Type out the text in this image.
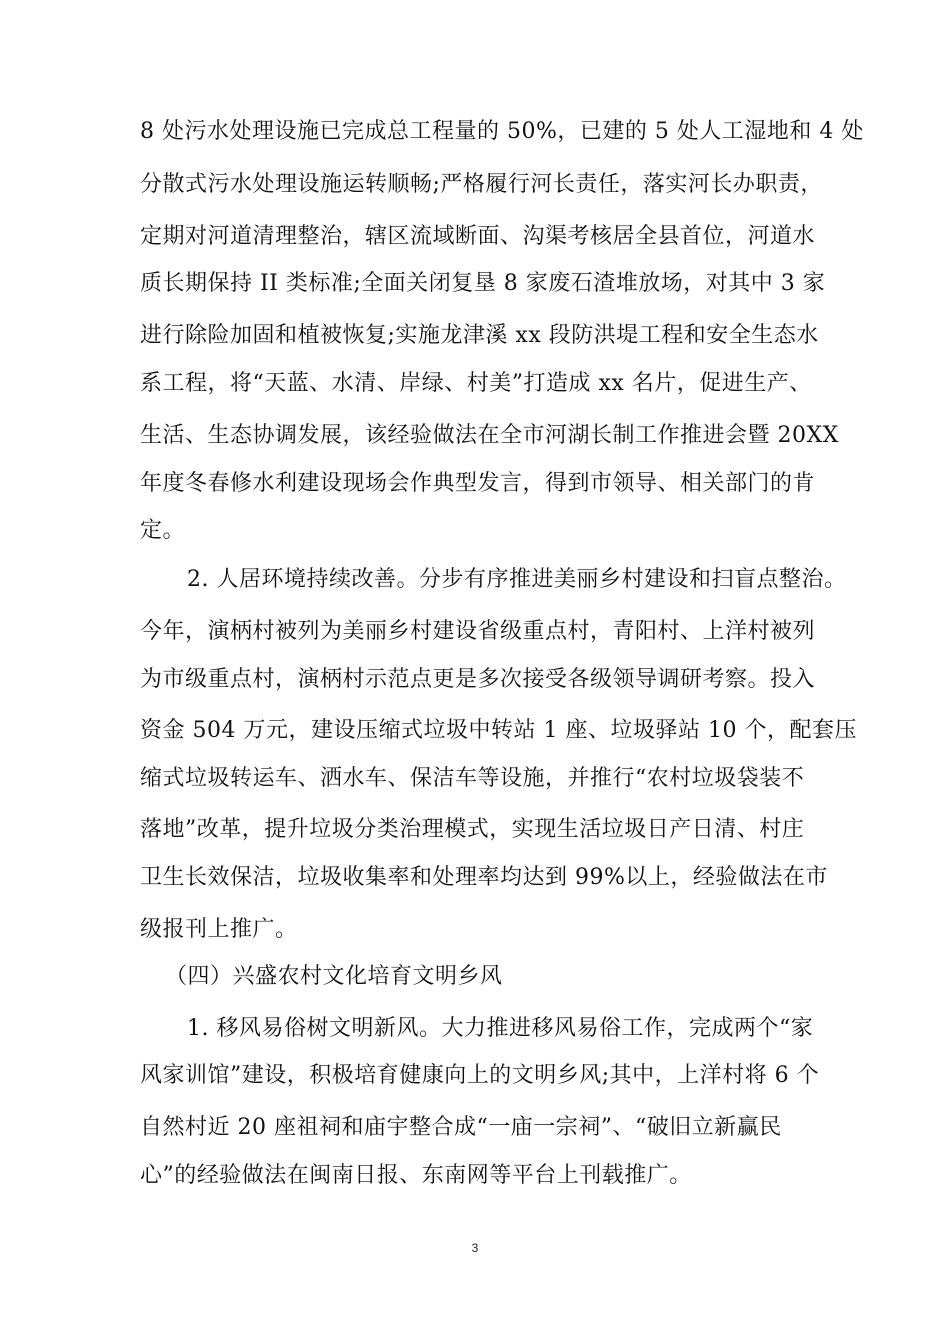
8 处污水处理设施已完成总工程量的 50%，已建的 5 处人工湿地和 4 处
分散式污水处理设施运转顺畅;严格履行河长责任，落实河长办职责，
定期对河道清理整治，辖区流域断面、沟渠考核居全县首位，河道水
质长期保持 II 类标准;全面关闭复垦 8 家废石渣堆放场，对其中 3 家
进行除险加固和植被恢复;实施龙津溪 xx 段防洪堤工程和安全生态水
系工程，将“天蓝、水清、岸绿、村美”打造成 xx 名片，促进生产、
生活、生态协调发展，该经验做法在全市河湖长制工作推进会暨 20XX
年度冬春修水利建设现场会作典型发言，得到市领导、相关部门的肯
定。
2. 人居环境持续改善。分步有序推进美丽乡村建设和扫盲点整治。
今年，演柄村被列为美丽乡村建设省级重点村，青阳村、上洋村被列
为市级重点村，演柄村示范点更是多次接受各级领导调研考察。投入
资金 504 万元，建设压缩式垃圾中转站 1 座、垃圾驿站 10 个，配套压
缩式垃圾转运车、洒水车、保洁车等设施，并推行“农村垃圾袋装不
落地”改革，提升垃圾分类治理模式，实现生活垃圾日产日清、村庄
卫生长效保洁，垃圾收集率和处理率均达到 99%以上，经验做法在市
级报刊上推广。
（四）兴盛农村文化培育文明乡风
1. 移风易俗树文明新风。大力推进移风易俗工作，完成两个“家
风家训馆”建设，积极培育健康向上的文明乡风;其中，上洋村将 6 个
自然村近 20 座祖祠和庙宇整合成“一庙一宗祠”、“破旧立新赢民
心”的经验做法在闽南日报、东南网等平台上刊载推广。
3
